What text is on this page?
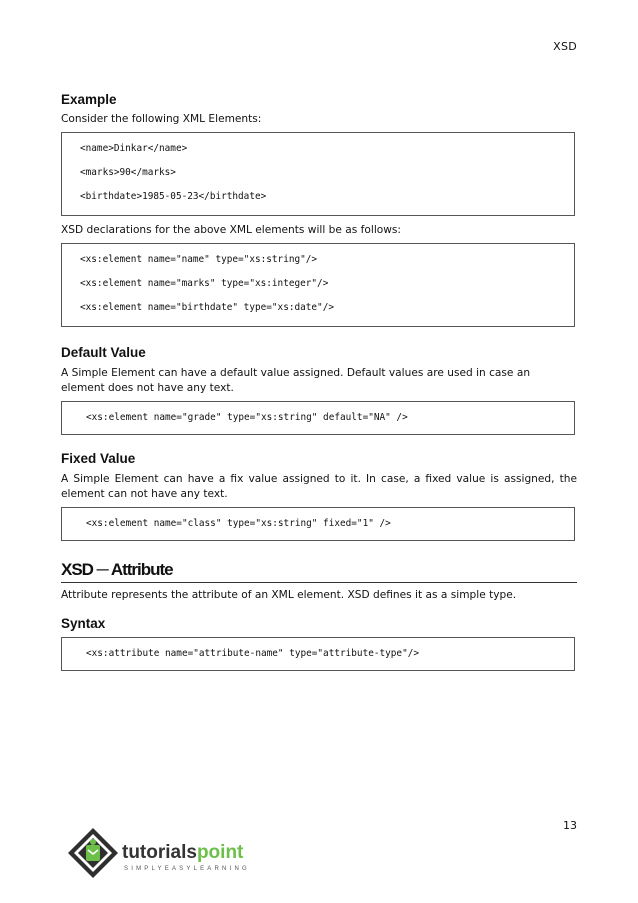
XSD
Example

Consider the following XML Elements:

<name>Dinkar</name>
<marks>90</marks>
<birthdate>1985-05-23</birthdate>

XSD declarations for the above XML elements will be as follows:

<xs:element name="name" type="xs:string"/>
<xs:element name="marks" type="xs:integer"/>
<xs:element name="birthdate" type="xs:date"/>
Default Value

A Simple Element can have a default value assigned. Default values are used in case an element does not have any text.

<xs:element name="grade" type="xs:string" default="NA" />
Fixed Value

A Simple Element can have a fix value assigned to it. In case, a fixed value is assigned, the element can not have any text.

<xs:element name="class" type="xs:string" fixed="1" />
XSD ─ Attribute

Attribute represents the attribute of an XML element. XSD defines it as a simple type.

Syntax
<xs:attribute name="attribute-name" type="attribute-type"/>
13
tutorialspoint
SIMPLYEASYLEARNING
